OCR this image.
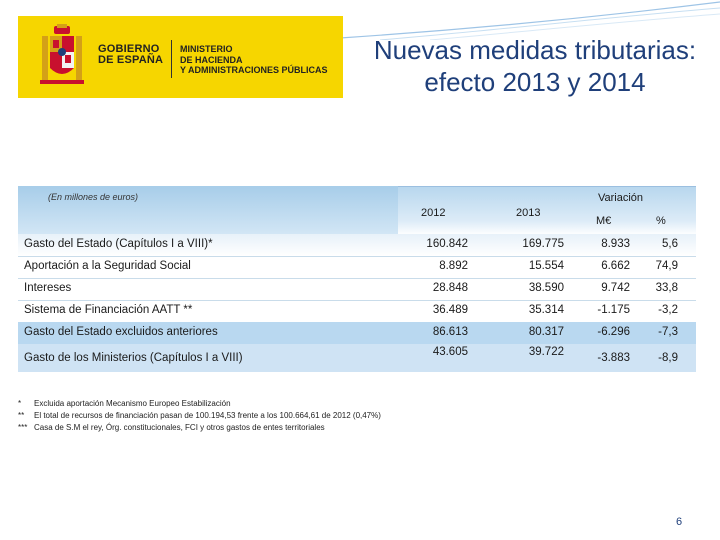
GOBIERNO
DE ESPAÑA
MINISTERIO
DE HACIENDA
Y ADMINISTRACIONES PÚBLICAS
Nuevas medidas tributarias:
efecto 2013 y 2014
(En millones de euros)
2012	2013
Variación
M€	%
Gasto del Estado (Capítulos I a VIII)*	160.842	169.775	8.933	5,6
Aportación a la Seguridad Social	8.892	15.554	6.662 74,9
Intereses	28.848	38.590	9.742 33,8
Sistema de Financiación AATT **	36.489	35.314	-1.175 -3,2
Gasto del Estado excluidos anteriores	86.613	80.317	-6.296 -7,3
Gasto de los Ministerios (Capítulos I a VIII)	43.605	39.722	-3.883 -8,9
* Excluida aportación Mecanismo Europeo Estabilización
** El total de recursos de financiación pasan de 100.194,53 frente a los 100.664,61 de 2012 (0,47%)
*** Casa de S.M el rey, Órg. constitucionales, FCI y otros gastos de entes territoriales
6
